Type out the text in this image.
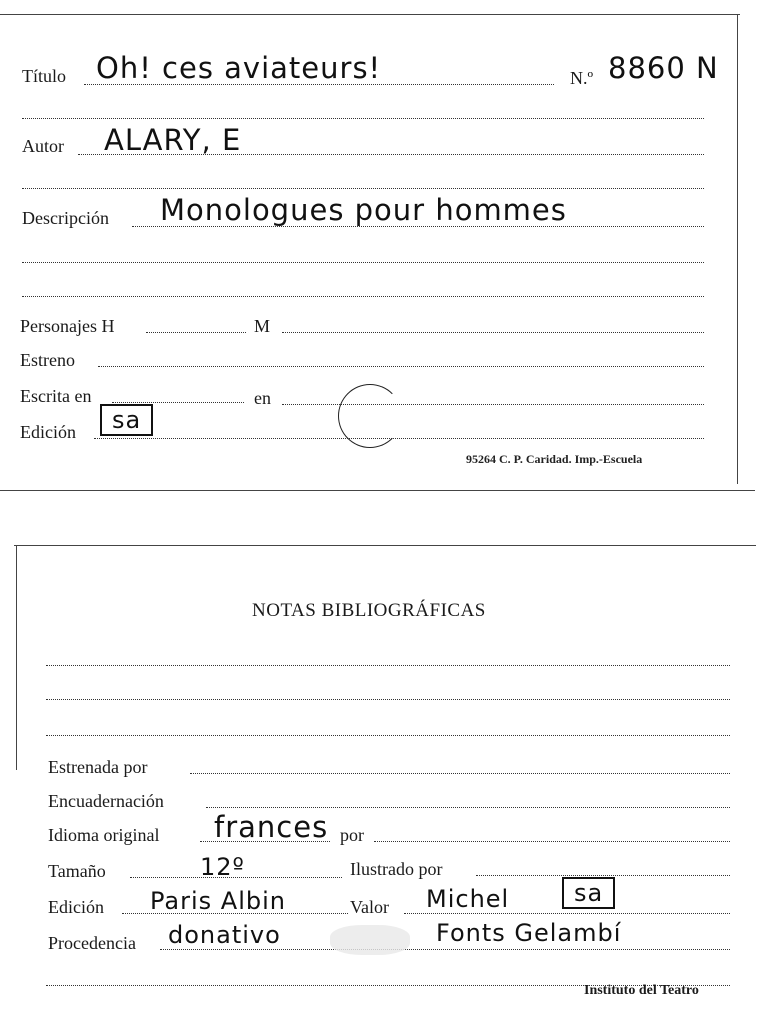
Título Oh! ces aviateurs!	N.º 8860 N
Autor ALARY, E
Descripción Monologues pour hommes
Personajes H	M
Estreno
Escrita en	en
Edición	sa
95264 C. P. Caridad. Imp.-Escuela
NOTAS BIBLIOGRÁFICAS
Estrenada por
Encuadernación
Idioma original frances por
Tamaño	12º	Ilustrado por
Edición Paris Albin	Valor Michel	sa
Procedencia donativo	Fonts Gelambí
Instituto del Teatro
